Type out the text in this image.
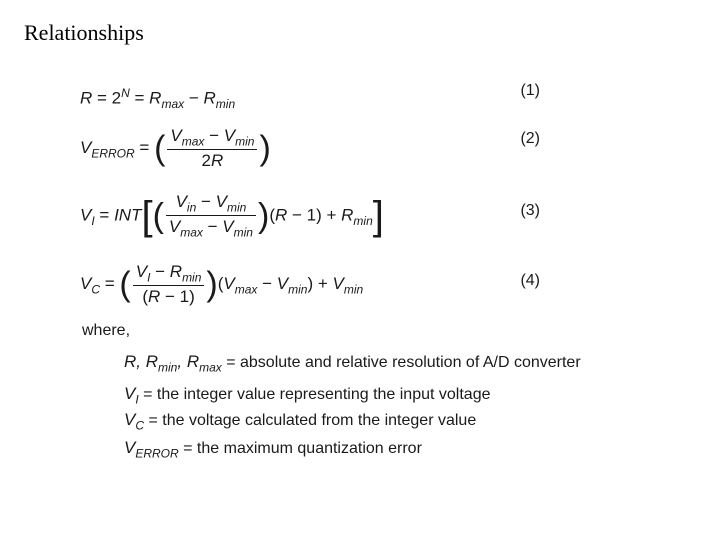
Relationships
$R = 2^N = R_{max} - R_{min}$
(1)
$V_{ERROR}$ = ( $\frac{V_{max} - V_{min}}{2R}$ )	(2)
$V_I = INT[( \frac{V_{in} - V_{min}}{V_{max} - V_{min}} )(R - 1) + R_{min}]$	(3)
$V_C$ = ( $\frac{V_I - R_{min}}{(R - 1)} )(V_{max} - V_{min}) + V_{min}$
(4)
where,
R, $R_{min}$, $R_{max}$ = absolute and relative resolution of A/D converter
$V_I$ = the integer value representing the input voltage
$V_C$ = the voltage calculated from the integer value
$V_{ERROR}$ = the maximum quantization error
